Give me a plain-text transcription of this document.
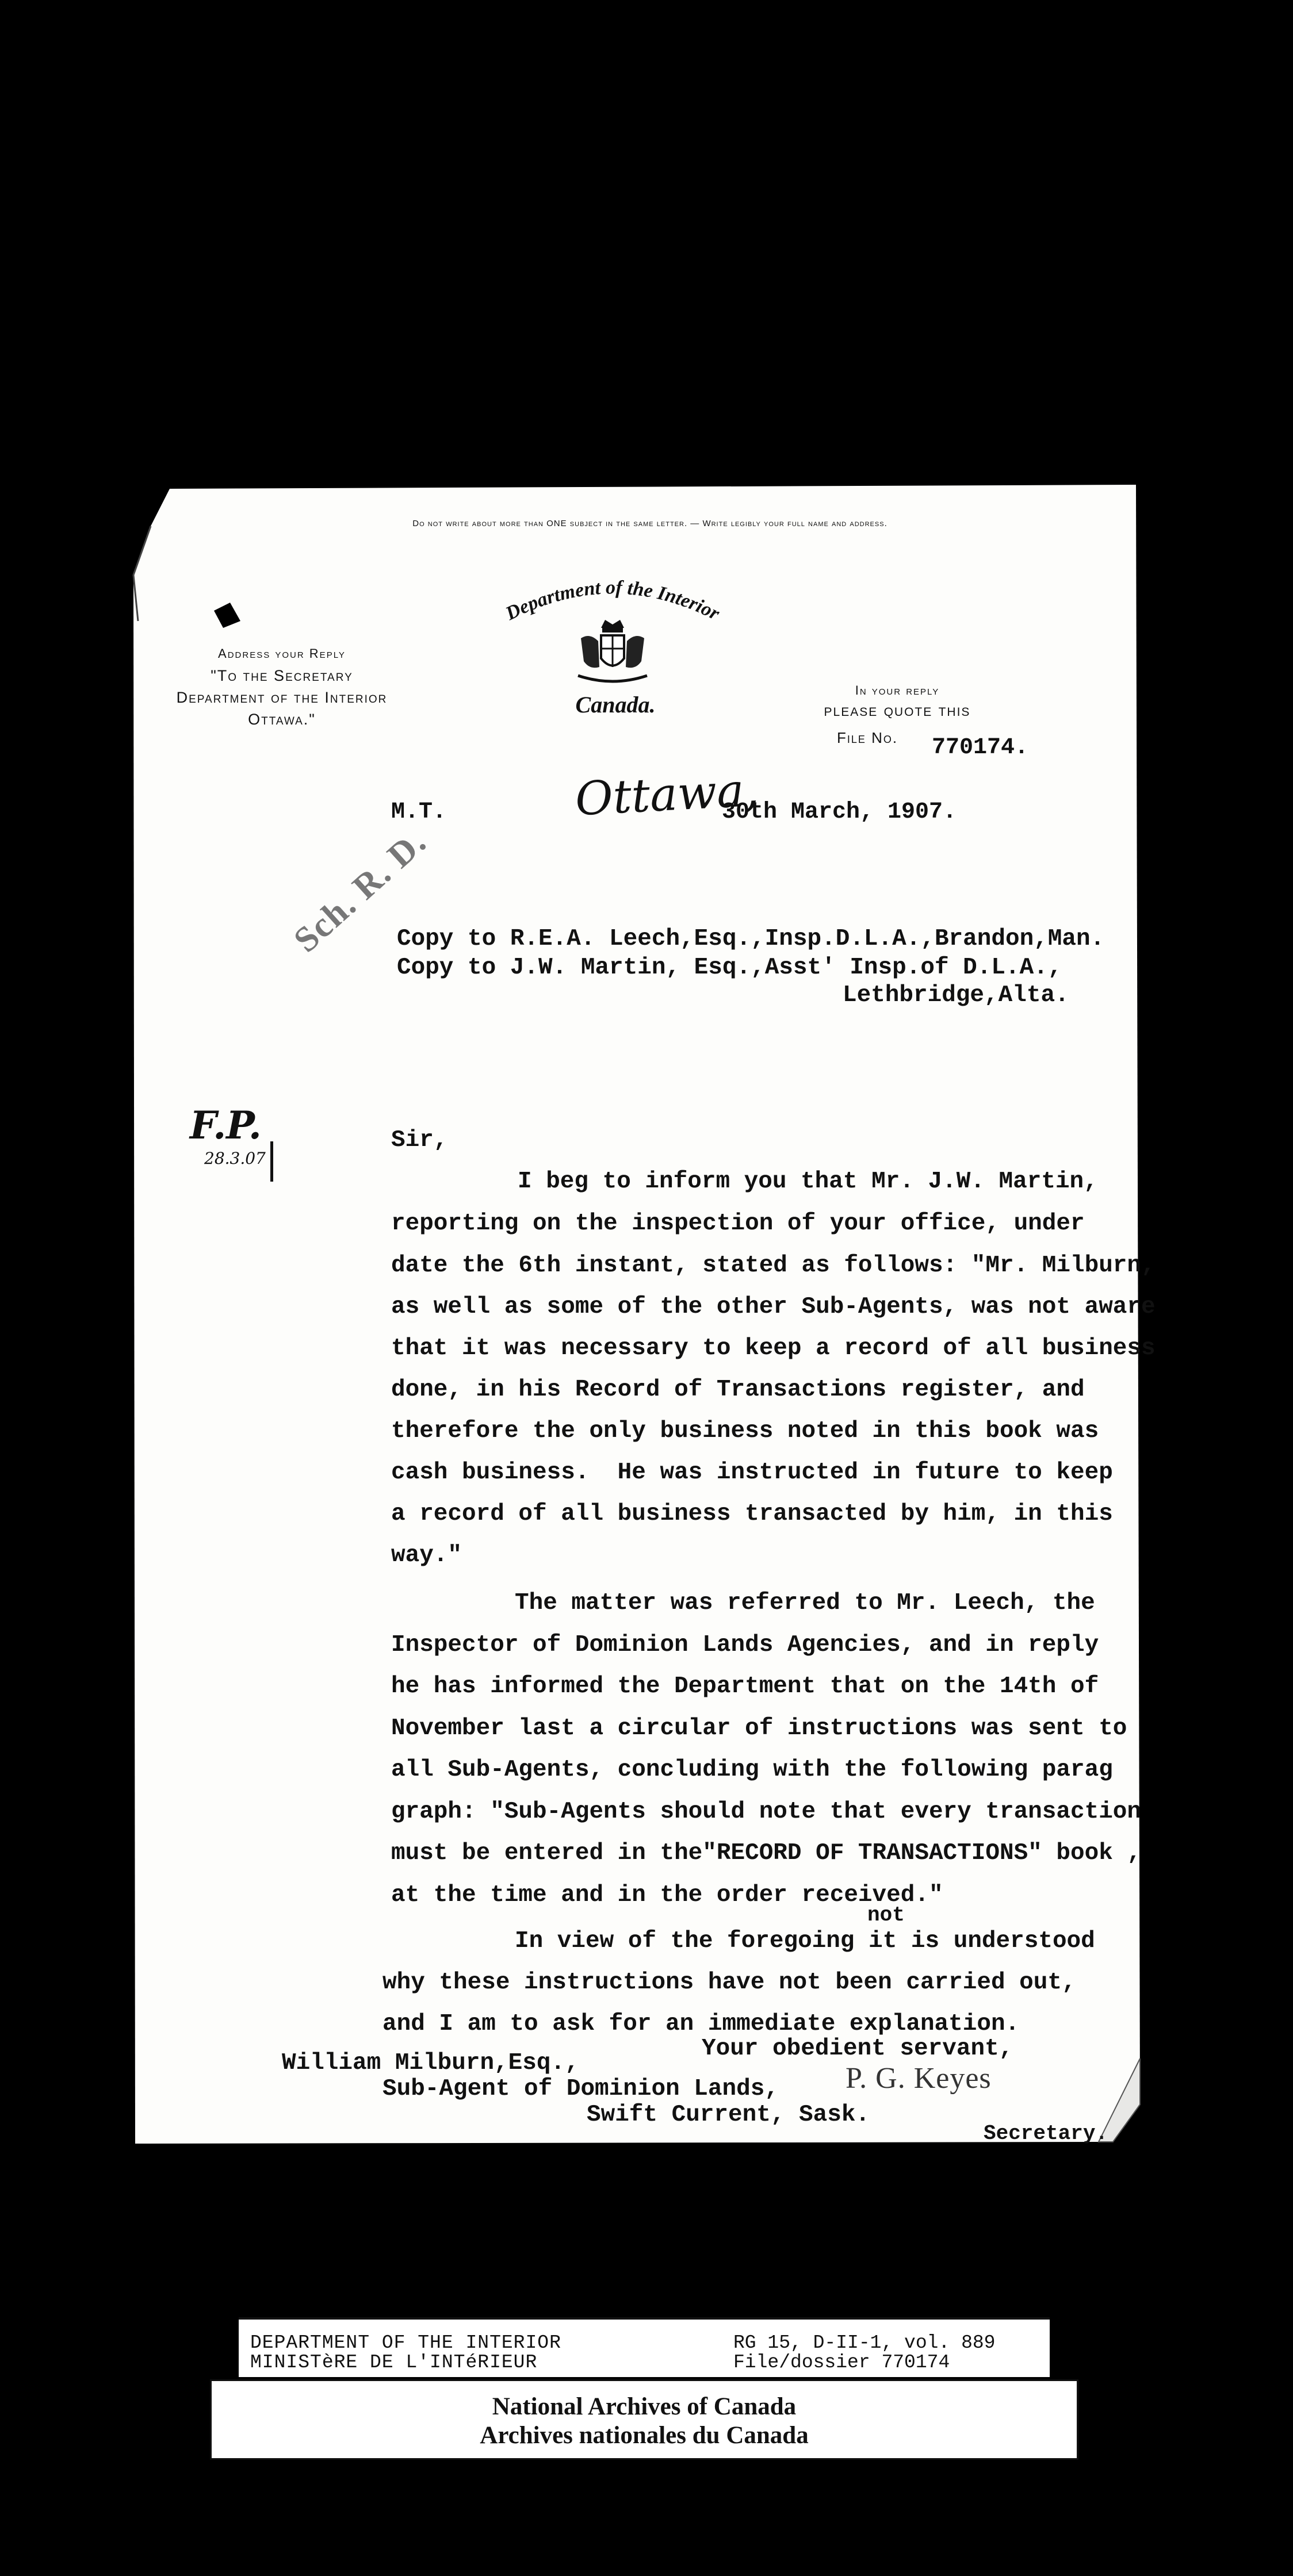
Do not write about more than ONE subject in the same letter. — Write legibly your full name and address.
Address your Reply
"To the Secretary
Department of the Interior
Ottawa."
Department of the Interior
Canada.
In your reply
please quote this
File No. 770174.
M.T.	Ottawa,
30th March, 1907.
Sch. R. D.
Copy to R.E.A. Leech,Esq.,Insp.D.L.A.,Brandon,Man.
Copy to J.W. Martin, Esq.,Asst' Insp.of D.L.A.,
Lethbridge,Alta.
F.P.
28.3.07
Sir,
I beg to inform you that Mr. J.W. Martin,
reporting on the inspection of your office, under
date the 6th instant, stated as follows: "Mr. Milburn,
as well as some of the other Sub-Agents, was not aware
that it was necessary to keep a record of all business
done, in his Record of Transactions register, and
therefore the only business noted in this book was
cash business.  He was instructed in future to keep
a record of all business transacted by him, in this
way."
The matter was referred to Mr. Leech, the
Inspector of Dominion Lands Agencies, and in reply
he has informed the Department that on the 14th of
November last a circular of instructions was sent to
all Sub-Agents, concluding with the following parag
graph: "Sub-Agents should note that every transaction
must be entered in the"RECORD OF TRANSACTIONS" book ,
at the time and in the order received."
not
In view of the foregoing it is understood
why these instructions have not been carried out,
and I am to ask for an immediate explanation.
Your obedient servant,
P. G. Keyes
Secretary.
William Milburn,Esq.,
Sub-Agent of Dominion Lands,
Swift Current, Sask.
DEPARTMENT OF THE INTERIOR
MINISTèRE DE L'INTéRIEUR
RG 15, D-II-1, vol. 889
File/dossier 770174
National Archives of Canada
Archives nationales du Canada
